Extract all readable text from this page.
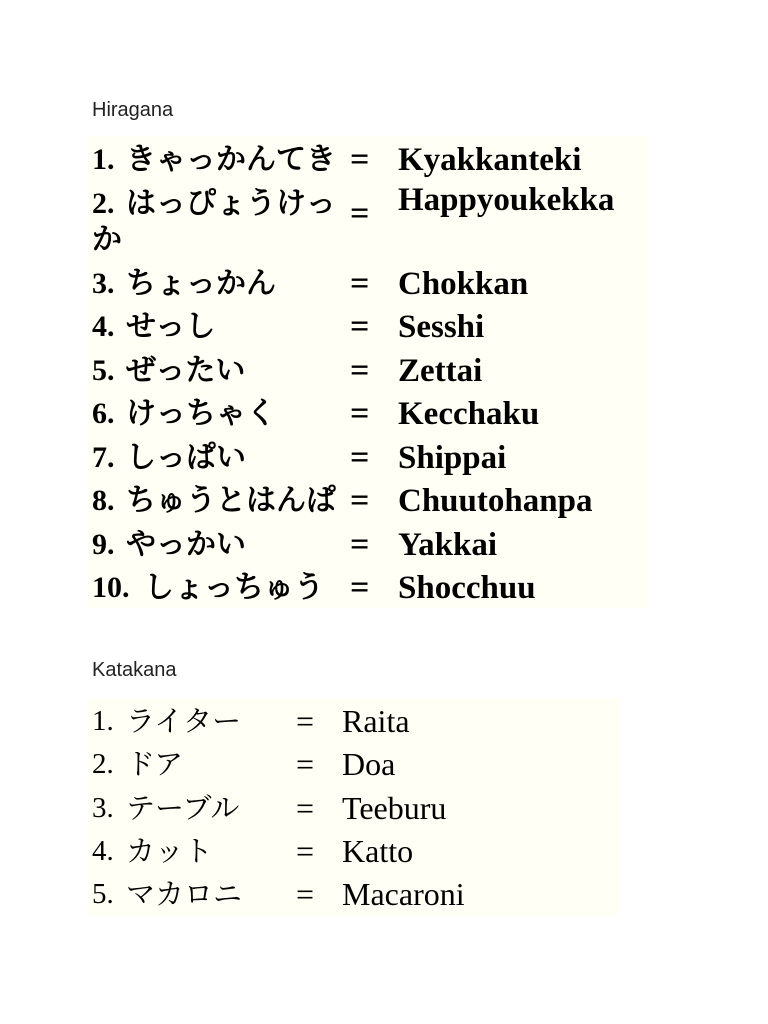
Hiragana

1. きゃっかんてき = Kyakkanteki
2. はっぴょうけっ = Happyoukekka
か
3. ちょっかん = Chokkan
4. せっし	= Sesshi
5. ぜったい	= Zettai
6. けっちゃく = Kecchaku
7. しっぱい	= Shippai
8. ちゅうとはんぱ = Chuutohanpa
9. やっかい	= Yakkai
10. しょっちゅう = Shocchuu

Katakana

1. ライター = Raita
2. ドア	= Doa
3. テーブル = Teeburu
4. カット	= Katto
5. マカロニ = Macaroni
